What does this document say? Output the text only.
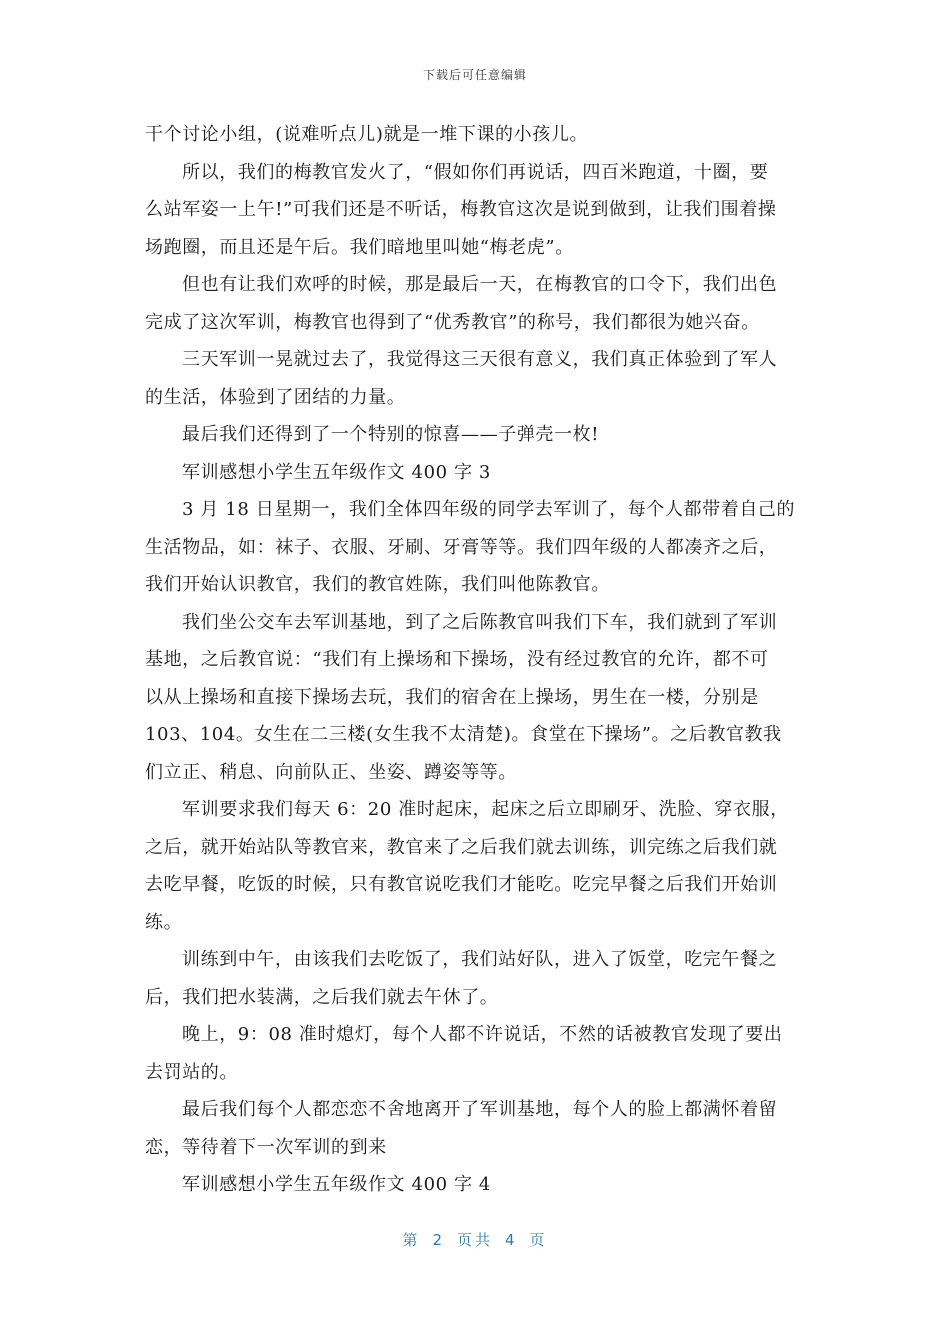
下载后可任意编辑
干个讨论小组，(说难听点儿)就是一堆下课的小孩儿。
所以，我们的梅教官发火了，“假如你们再说话，四百米跑道，十圈，要
么站军姿一上午!”可我们还是不听话，梅教官这次是说到做到，让我们围着操
场跑圈，而且还是午后。我们暗地里叫她“梅老虎”。
但也有让我们欢呼的时候，那是最后一天，在梅教官的口令下，我们出色
完成了这次军训，梅教官也得到了“优秀教官”的称号，我们都很为她兴奋。
三天军训一晃就过去了，我觉得这三天很有意义，我们真正体验到了军人
的生活，体验到了团结的力量。
最后我们还得到了一个特别的惊喜——子弹壳一枚!
军训感想小学生五年级作文 400 字 3
3 月 18 日星期一，我们全体四年级的同学去军训了，每个人都带着自己的
生活物品，如：袜子、衣服、牙刷、牙膏等等。我们四年级的人都凑齐之后，
我们开始认识教官，我们的教官姓陈，我们叫他陈教官。
我们坐公交车去军训基地，到了之后陈教官叫我们下车，我们就到了军训
基地，之后教官说：“我们有上操场和下操场，没有经过教官的允许，都不可
以从上操场和直接下操场去玩，我们的宿舍在上操场，男生在一楼，分别是
103、104。女生在二三楼(女生我不太清楚)。食堂在下操场”。之后教官教我
们立正、稍息、向前队正、坐姿、蹲姿等等。
军训要求我们每天 6：20 准时起床，起床之后立即刷牙、洗脸、穿衣服，
之后，就开始站队等教官来，教官来了之后我们就去训练，训完练之后我们就
去吃早餐，吃饭的时候，只有教官说吃我们才能吃。吃完早餐之后我们开始训
练。
训练到中午，由该我们去吃饭了，我们站好队，进入了饭堂，吃完午餐之
后，我们把水装满，之后我们就去午休了。
晚上，9：08 准时熄灯，每个人都不许说话，不然的话被教官发现了要出
去罚站的。
最后我们每个人都恋恋不舍地离开了军训基地，每个人的脸上都满怀着留
恋，等待着下一次军训的到来
军训感想小学生五年级作文 400 字 4
第 2 页共 4 页
